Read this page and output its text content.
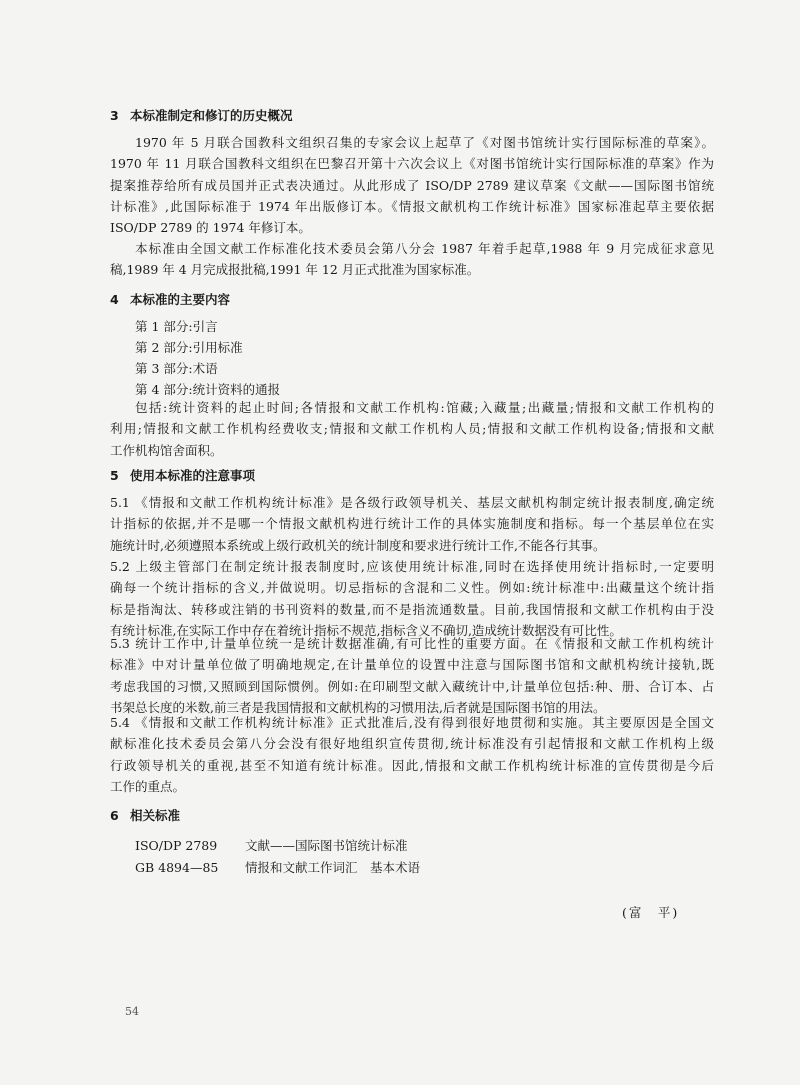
3 本标准制定和修订的历史概况
1970 年 5 月联合国教科文组织召集的专家会议上起草了《对图书馆统计实行国际标准的草案》。
1970 年 11 月联合国教科文组织在巴黎召开第十六次会议上《对图书馆统计实行国际标准的草案》作为
提案推荐给所有成员国并正式表决通过。从此形成了 ISO/DP 2789 建议草案《文献——国际图书馆统
计标准》,此国际标准于 1974 年出版修订本。《情报文献机构工作统计标准》国家标准起草主要依据
ISO/DP 2789 的 1974 年修订本。
本标准由全国文献工作标准化技术委员会第八分会 1987 年着手起草,1988 年 9 月完成征求意见
稿,1989 年 4 月完成报批稿,1991 年 12 月正式批准为国家标准。
4 本标准的主要内容
第 1 部分:引言
第 2 部分:引用标准
第 3 部分:术语
第 4 部分:统计资料的通报
包括:统计资料的起止时间;各情报和文献工作机构:馆藏;入藏量;出藏量;情报和文献工作机构的
利用;情报和文献工作机构经费收支;情报和文献工作机构人员;情报和文献工作机构设备;情报和文献
工作机构馆舍面积。
5 使用本标准的注意事项
5.1 《情报和文献工作机构统计标准》是各级行政领导机关、基层文献机构制定统计报表制度,确定统
计指标的依据,并不是哪一个情报文献机构进行统计工作的具体实施制度和指标。每一个基层单位在实
施统计时,必须遵照本系统或上级行政机关的统计制度和要求进行统计工作,不能各行其事。
5.2 上级主管部门在制定统计报表制度时,应该使用统计标准,同时在选择使用统计指标时,一定要明
确每一个统计指标的含义,并做说明。切忌指标的含混和二义性。例如:统计标准中:出藏量这个统计指
标是指淘汰、转移或注销的书刊资料的数量,而不是指流通数量。目前,我国情报和文献工作机构由于没
有统计标准,在实际工作中存在着统计指标不规范,指标含义不确切,造成统计数据没有可比性。
5.3 统计工作中,计量单位统一是统计数据准确,有可比性的重要方面。在《情报和文献工作机构统计
标准》中对计量单位做了明确地规定,在计量单位的设置中注意与国际图书馆和文献机构统计接轨,既
考虑我国的习惯,又照顾到国际惯例。例如:在印刷型文献入藏统计中,计量单位包括:种、册、合订本、占
书架总长度的米数,前三者是我国情报和文献机构的习惯用法,后者就是国际图书馆的用法。
5.4 《情报和文献工作机构统计标准》正式批准后,没有得到很好地贯彻和实施。其主要原因是全国文
献标准化技术委员会第八分会没有很好地组织宣传贯彻,统计标准没有引起情报和文献工作机构上级
行政领导机关的重视,甚至不知道有统计标准。因此,情报和文献工作机构统计标准的宣传贯彻是今后
工作的重点。
6 相关标准
ISO/DP 2789 文献——国际图书馆统计标准
GB 4894—85 情报和文献工作词汇　基本术语
(富　平)
54
